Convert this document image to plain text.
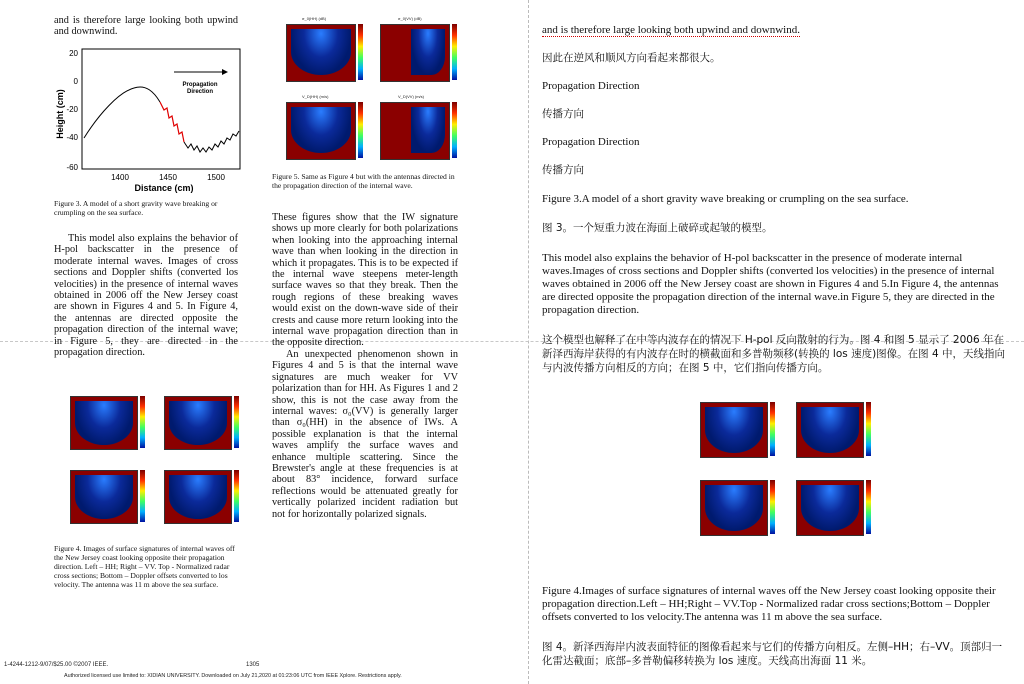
and is therefore large looking both upwind and downwind.
20
0
-20
-40
-60
1400	1450	1500
Distance (cm)
Height (cm)
Propagation Direction
Figure 3. A model of a short gravity wave breaking or crumpling on the sea surface.

This model also explains the behavior of H-pol backscatter in the presence of moderate internal waves. Images of cross sections and Doppler shifts (converted los velocities) in the presence of internal waves obtained in 2006 off the New Jersey coast are shown in Figures 4 and 5. In Figure 4, the antennas are directed opposite the propagation direction of the internal wave; in Figure 5, they are directed in the propagation direction.

Figure 4. Images of surface signatures of internal waves off the New Jersey coast looking opposite their propagation direction. Left – HH; Right – VV. Top - Normalized radar cross sections; Bottom – Doppler offsets converted to los velocity. The antenna was 11 m above the sea surface.
σ_0(HH) (dB)	σ_0(VV) (dB)
V_D(HH) (m/s)	V_D(VV) (m/s)
Figure 5. Same as Figure 4 but with the antennas directed in the propagation direction of the internal wave.

These figures show that the IW signature shows up more clearly for both polarizations when looking into the approaching internal wave than when looking in the direction in which it propagates. This is to be expected if the internal wave steepens meter-length surface waves so that they break. Then the rough regions of these breaking waves would exist on the down-wave side of their crests and cause more return looking into the internal wave propagation direction than in the opposite direction.

An unexpected phenomenon shown in Figures 4 and 5 is that the internal wave signatures are much weaker for VV polarization than for HH. As Figures 1 and 2 show, this is not the case away from the internal waves: σ₀(VV) is generally larger than σ₀(HH) in the absence of IWs. A possible explanation is that the internal waves amplify the surface waves and enhance multiple scattering. Since the Brewster's angle at these frequencies is at about 83° incidence, forward surface reflections would be attenuated greatly for vertically polarized incident radiation but not for horizontally polarized signals.

1-4244-1212-9/07/$25.00 ©2007 IEEE.	1305
Authorized licensed use limited to: XIDIAN UNIVERSITY. Downloaded on July 21,2020 at 01:23:06 UTC from IEEE Xplore. Restrictions apply.
and is therefore large looking both upwind and downwind.
因此在逆风和顺风方向看起来都很大。
Propagation Direction
传播方向
Propagation Direction
传播方向
Figure 3.A model of a short gravity wave breaking or crumpling on the sea surface.
图 3。一个短重力波在海面上破碎或起皱的模型。
This model also explains the behavior of H-pol backscatter in the presence of moderate internal waves.Images of cross sections and Doppler shifts (converted los velocities) in the presence of internal waves obtained in 2006 off the New Jersey coast are shown in Figures 4 and 5.In Figure 4, the antennas are directed opposite the propagation direction of the internal wave.in Figure 5, they are directed in the propagation direction.
这个模型也解释了在中等内波存在的情况下 H-pol 反向散射的行为。图 4 和图 5 显示了 2006 年在新泽西海岸获得的有内波存在时的横截面和多普勒频移(转换的 los 速度)图像。在图 4 中，天线指向与内波传播方向相反的方向；在图 5 中，它们指向传播方向。
Figure 4.Images of surface signatures of internal waves off the New Jersey coast looking opposite their propagation direction.Left – HH;Right – VV.Top - Normalized radar cross sections;Bottom – Doppler offsets converted to los velocity.The antenna was 11 m above the sea surface.
图 4。新泽西海岸内波表面特征的图像看起来与它们的传播方向相反。左侧–HH；右–VV。顶部归一化雷达截面；底部–多普勒偏移转换为 los 速度。天线高出海面 11 米。
